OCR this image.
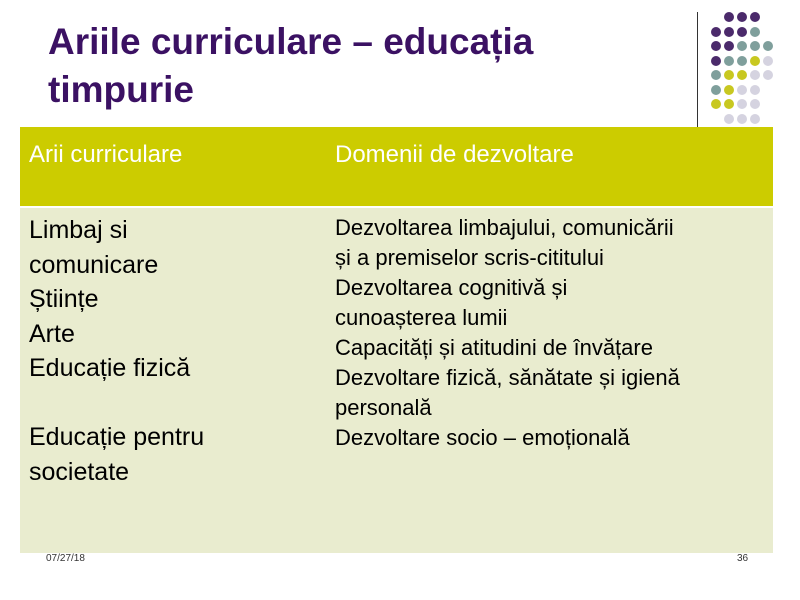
Ariile curriculare – educația
timpurie
Arii curriculare	Domenii de dezvoltare
Limbaj si
comunicare
Științe
Arte
Educație fizică
Educație pentru
societate
Dezvoltarea limbajului, comunicării
și a premiselor scris-cititului
Dezvoltarea cognitivă și
cunoașterea lumii
Capacități și atitudini de învățare
Dezvoltare fizică, sănătate și igienă
personală
Dezvoltare socio – emoțională
07/27/18	36
